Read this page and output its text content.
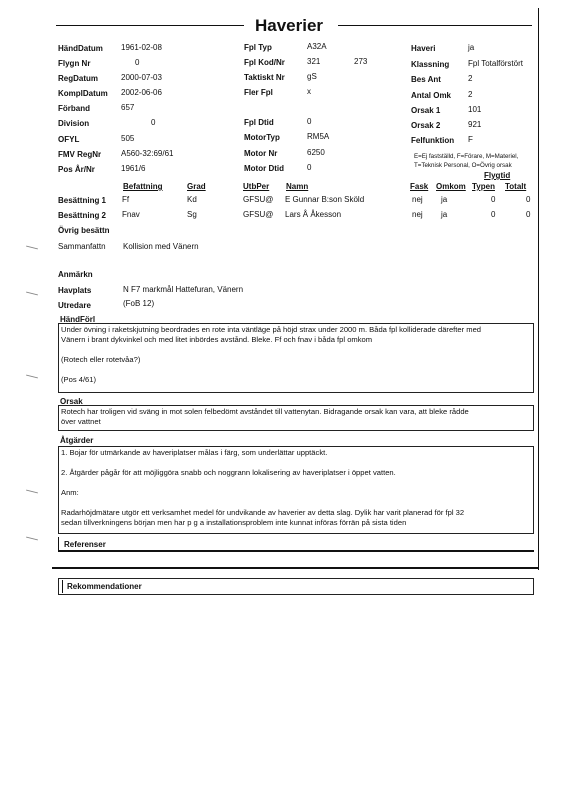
Haverier
E=Ej fastställd, F=Förare, M=Materiel,
T=Teknisk Personal, O=Övrig orsak
Flygtid
Befattning	Grad	UtbPer Namn	Fask Omkom Typen Totalt
Besättning 1 Ff	Kd	GFSU@ E Gunnar B:son Sköld	nej ja	0	0
Besättning 2 Fnav	Sg	GFSU@ Lars Å Åkesson	nej ja	0	0
Övrig besättn
Sammanfattn Kollision med Vänern
Anmärkn
Havplats	N F7 markmål Hattefuran, Vänern
Utredare	(FoB 12)
HändFörl
Under övning i raketskjutning beordrades en rote inta väntläge på höjd strax under 2000 m. Båda fpl kolliderade därefter med
Vänern i brant dykvinkel och med litet inbördes avstånd. Bleke. Ff och fnav i båda fpl omkom
(Rotech eller rotetvåa?)
(Pos 4/61)
Orsak
Rotech har troligen vid sväng in mot solen felbedömt avståndet till vattenytan. Bidragande orsak kan vara, att bleke rådde
över vattnet
Åtgärder
1. Bojar för utmärkande av haveriplatser målas i färg, som underlättar upptäckt.
2. Åtgärder pågår för att möjliggöra snabb och noggrann lokalisering av haveriplatser i öppet vatten.
Anm:
Radarhöjdmätare utgör ett verksamhet medel för undvikande av haverier av detta slag. Dylik har varit planerad för fpl 32
sedan tillverkningens början men har p g a installationsproblem inte kunnat införas förrän på sista tiden
Referenser
Rekommendationer
HändDatum 1961-02-08
Flygn Nr	0
RegDatum	2000-07-03
KomplDatum 2002-06-06
Förband	657
Division	0
OFYL	505
FMV RegNr A560-32:69/61
Pos År/Nr	1961/6
Fpl Typ	A32A
Fpl Kod/Nr	321	273
Taktiskt Nr	gS
Fler Fpl	x
Fpl Dtid	0
MotorTyp	RM5A
Motor Nr	6250
Motor Dtid	0
Haveri	ja
Klassning Fpl Totalförstört
Bes Ant	2
Antal Omk 2
Orsak 1	101
Orsak 2	921
Felfunktion F
